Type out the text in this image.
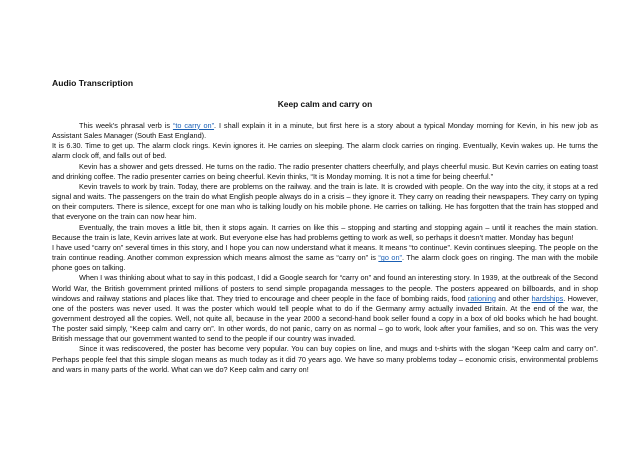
Audio Transcription
Keep calm and carry on

This week’s phrasal verb is “to carry on”. I shall explain it in a minute, but first here is a story about a typical Monday morning for Kevin, in his new job as Assistant Sales Manager (South East England).

It is 6.30. Time to get up. The alarm clock rings. Kevin ignores it. He carries on sleeping. The alarm clock carries on ringing. Eventually, Kevin wakes up. He turns the alarm clock off, and falls out of bed.

Kevin has a shower and gets dressed. He turns on the radio. The radio presenter chatters cheerfully, and plays cheerful music. But Kevin carries on eating toast and drinking coffee. The radio presenter carries on being cheerful. Kevin thinks, “It is Monday morning. It is not a time for being cheerful.”

Kevin travels to work by train. Today, there are problems on the railway. and the train is late. It is crowded with people. On the way into the city, it stops at a red signal and waits. The passengers on the train do what English people always do in a crisis – they ignore it. They carry on reading their newspapers. They carry on typing on their computers. There is silence, except for one man who is talking loudly on his mobile phone. He carries on talking. He has forgotten that the train has stopped and that everyone on the train can now hear him.

Eventually, the train moves a little bit, then it stops again. It carries on like this – stopping and starting and stopping again – until it reaches the main station. Because the train is late, Kevin arrives late at work. But everyone else has had problems getting to work as well, so perhaps it doesn’t matter. Monday has begun!

I have used “carry on” several times in this story, and I hope you can now understand what it means. It means “to continue”. Kevin continues sleeping. The people on the train continue reading. Another common expression which means almost the same as “carry on” is “go on”. The alarm clock goes on ringing. The man with the mobile phone goes on talking.

When I was thinking about what to say in this podcast, I did a Google search for “carry on” and found an interesting story. In 1939, at the outbreak of the Second World War, the British government printed millions of posters to send simple propaganda messages to the people. The posters appeared on billboards, and in shop windows and railway stations and places like that. They tried to encourage and cheer people in the face of bombing raids, food rationing and other hardships. However, one of the posters was never used. It was the poster which would tell people what to do if the Germany army actually invaded Britain. At the end of the war, the government destroyed all the copies. Well, not quite all, because in the year 2000 a second-hand book seller found a copy in a box of old books which he had bought. The poster said simply, “Keep calm and carry on”. In other words, do not panic, carry on as normal – go to work, look after your families, and so on. This was the very British message that our government wanted to send to the people if our country was invaded.

Since it was rediscovered, the poster has become very popular. You can buy copies on line, and mugs and t-shirts with the slogan “Keep calm and carry on”. Perhaps people feel that this simple slogan means as much today as it did 70 years ago. We have so many problems today – economic crisis, environmental problems and wars in many parts of the world. What can we do? Keep calm and carry on!
